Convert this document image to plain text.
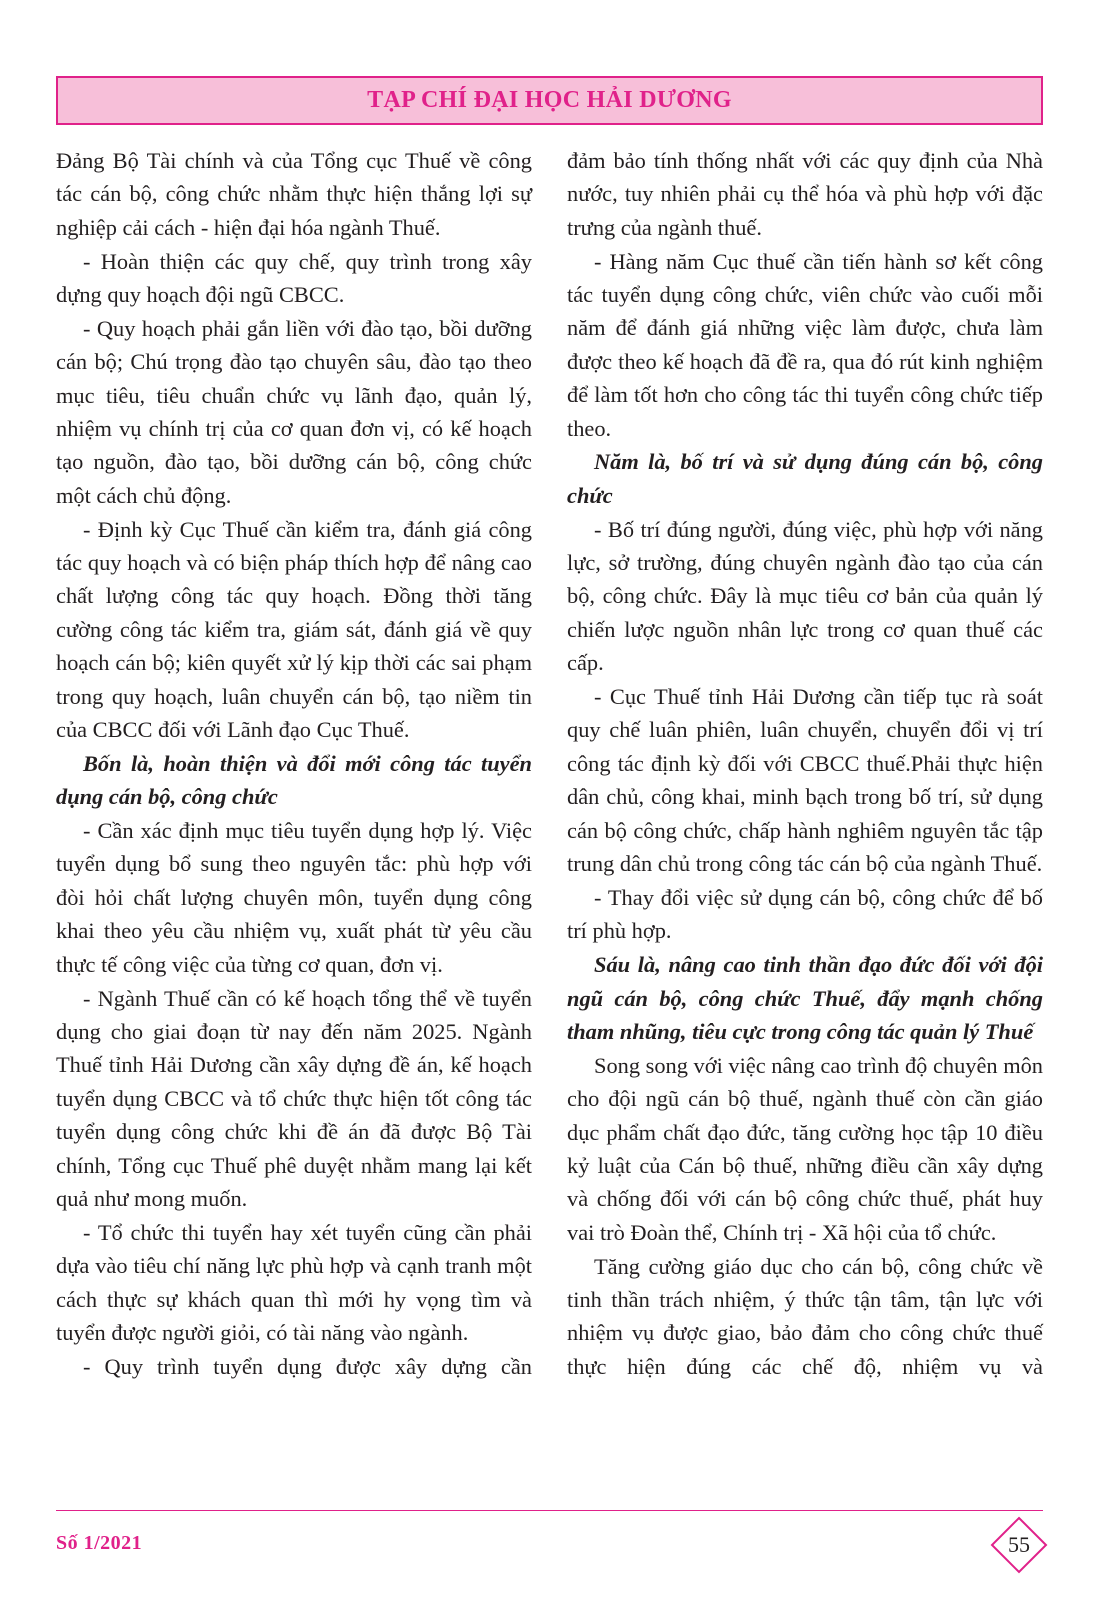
TẠP CHÍ ĐẠI HỌC HẢI DƯƠNG

Đảng Bộ Tài chính và của Tổng cục Thuế về công tác cán bộ, công chức nhằm thực hiện thắng lợi sự nghiệp cải cách - hiện đại hóa ngành Thuế.

- Hoàn thiện các quy chế, quy trình trong xây dựng quy hoạch đội ngũ CBCC.

- Quy hoạch phải gắn liền với đào tạo, bồi dưỡng cán bộ; Chú trọng đào tạo chuyên sâu, đào tạo theo mục tiêu, tiêu chuẩn chức vụ lãnh đạo, quản lý, nhiệm vụ chính trị của cơ quan đơn vị, có kế hoạch tạo nguồn, đào tạo, bồi dưỡng cán bộ, công chức một cách chủ động.

- Định kỳ Cục Thuế cần kiểm tra, đánh giá công tác quy hoạch và có biện pháp thích hợp để nâng cao chất lượng công tác quy hoạch. Đồng thời tăng cường công tác kiểm tra, giám sát, đánh giá về quy hoạch cán bộ; kiên quyết xử lý kịp thời các sai phạm trong quy hoạch, luân chuyển cán bộ, tạo niềm tin của CBCC đối với Lãnh đạo Cục Thuế.

Bốn là, hoàn thiện và đổi mới công tác tuyển dụng cán bộ, công chức

- Cần xác định mục tiêu tuyển dụng hợp lý. Việc tuyển dụng bổ sung theo nguyên tắc: phù hợp với đòi hỏi chất lượng chuyên môn, tuyển dụng công khai theo yêu cầu nhiệm vụ, xuất phát từ yêu cầu thực tế công việc của từng cơ quan, đơn vị.

- Ngành Thuế cần có kế hoạch tổng thể về tuyển dụng cho giai đoạn từ nay đến năm 2025. Ngành Thuế tỉnh Hải Dương cần xây dựng đề án, kế hoạch tuyển dụng CBCC và tổ chức thực hiện tốt công tác tuyển dụng công chức khi đề án đã được Bộ Tài chính, Tổng cục Thuế phê duyệt nhằm mang lại kết quả như mong muốn.

- Tổ chức thi tuyển hay xét tuyển cũng cần phải dựa vào tiêu chí năng lực phù hợp và cạnh tranh một cách thực sự khách quan thì mới hy vọng tìm và tuyển được người giỏi, có tài năng vào ngành.

- Quy trình tuyển dụng được xây dựng cần

đảm bảo tính thống nhất với các quy định của Nhà nước, tuy nhiên phải cụ thể hóa và phù hợp với đặc trưng của ngành thuế.

- Hàng năm Cục thuế cần tiến hành sơ kết công tác tuyển dụng công chức, viên chức vào cuối mỗi năm để đánh giá những việc làm được, chưa làm được theo kế hoạch đã đề ra, qua đó rút kinh nghiệm để làm tốt hơn cho công tác thi tuyển công chức tiếp theo.

Năm là, bố trí và sử dụng đúng cán bộ, công chức

- Bố trí đúng người, đúng việc, phù hợp với năng lực, sở trường, đúng chuyên ngành đào tạo của cán bộ, công chức. Đây là mục tiêu cơ bản của quản lý chiến lược nguồn nhân lực trong cơ quan thuế các cấp.

- Cục Thuế tỉnh Hải Dương cần tiếp tục rà soát quy chế luân phiên, luân chuyển, chuyển đổi vị trí công tác định kỳ đối với CBCC thuế.Phải thực hiện dân chủ, công khai, minh bạch trong bố trí, sử dụng cán bộ công chức, chấp hành nghiêm nguyên tắc tập trung dân chủ trong công tác cán bộ của ngành Thuế.

- Thay đổi việc sử dụng cán bộ, công chức để bố trí phù hợp.

Sáu là, nâng cao tinh thần đạo đức đối với đội ngũ cán bộ, công chức Thuế, đẩy mạnh chống tham nhũng, tiêu cực trong công tác quản lý Thuế

Song song với việc nâng cao trình độ chuyên môn cho đội ngũ cán bộ thuế, ngành thuế còn cần giáo dục phẩm chất đạo đức, tăng cường học tập 10 điều kỷ luật của Cán bộ thuế, những điều cần xây dựng và chống đối với cán bộ công chức thuế, phát huy vai trò Đoàn thể, Chính trị - Xã hội của tổ chức.

Tăng cường giáo dục cho cán bộ, công chức về tinh thần trách nhiệm, ý thức tận tâm, tận lực với nhiệm vụ được giao, bảo đảm cho công chức thuế thực hiện đúng các chế độ, nhiệm vụ và

Số 1/2021	55
